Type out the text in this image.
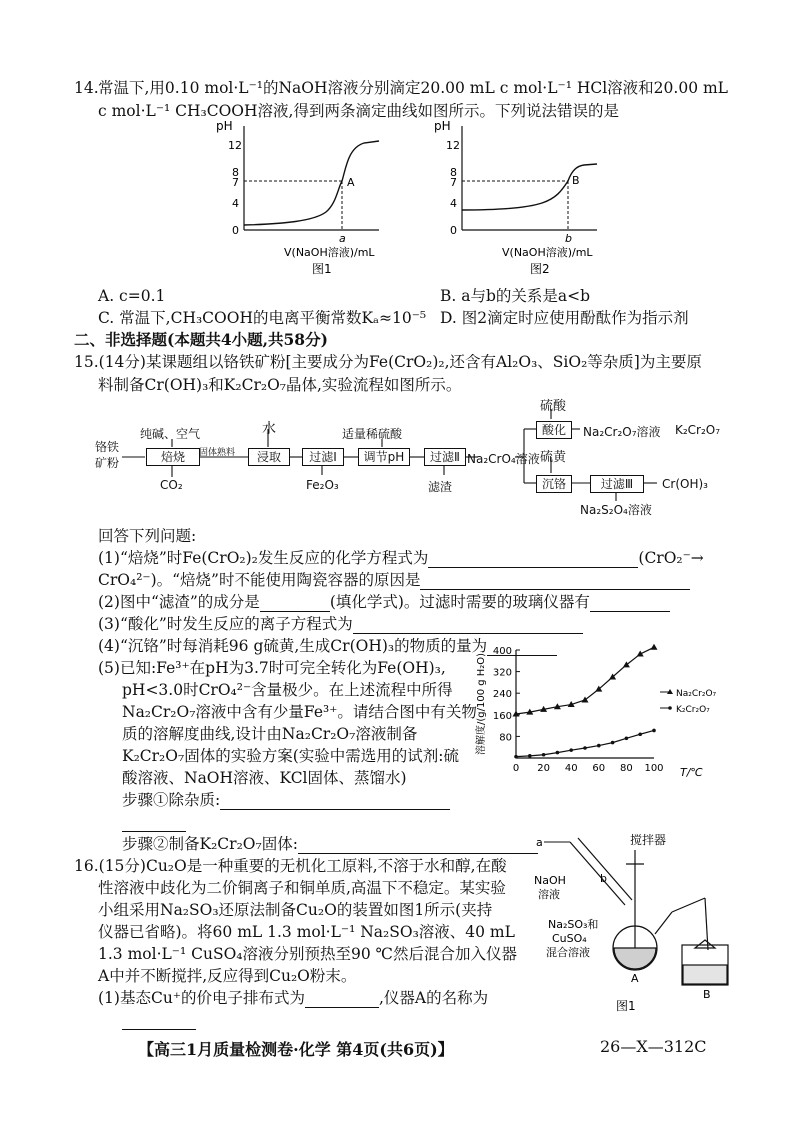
14. 常温下,用0.10 mol·L⁻¹的NaOH溶液分别滴定20.00 mL c mol·L⁻¹ HCl溶液和20.00 mL
c mol·L⁻¹ CH₃COOH溶液,得到两条滴定曲线如图所示。下列说法错误的是
pH
12
8
7
4
0
A
a
V(NaOH溶液)/mL
图1
pH
12
8
7
4
0
B
b
V(NaOH溶液)/mL
图2
A. c=0.1	B. a与b的关系是a<b
C. 常温下,CH₃COOH的电离平衡常数Kₐ≈10⁻⁵ D. 图2滴定时应使用酚酞作为指示剂
二、非选择题(本题共4小题,共58分)
15.(14分)某课题组以铬铁矿粉[主要成分为Fe(CrO₂)₂,还含有Al₂O₃、SiO₂等杂质]为主要原
料制备Cr(OH)₃和K₂Cr₂O₇晶体,实验流程如图所示。
铬铁
矿粉
纯碱、空气
焙烧
CO₂
固体熟料
水
浸取	过滤Ⅰ
Fe₂O₃
适量稀硫酸
调节pH	过滤Ⅱ
滤渣
Na₂CrO₄溶液
硫酸
酸化	Na₂Cr₂O₇溶液 K₂Cr₂O₇
硫黄
沉铬	过滤Ⅲ	Cr(OH)₃
Na₂S₂O₄溶液
回答下列问题:
(1)“焙烧”时Fe(CrO₂)₂发生反应的化学方程式为	(CrO₂⁻→
CrO₄²⁻)。“焙烧”时不能使用陶瓷容器的原因是
(2)图中“滤渣”的成分是	(填化学式)。过滤时需要的玻璃仪器有
(3)“酸化”时发生反应的离子方程式为
(4)“沉铬”时每消耗96 g硫黄,生成Cr(OH)₃的物质的量为
(5)已知:Fe³⁺在pH为3.7时可完全转化为Fe(OH)₃,
pH<3.0时CrO₄²⁻含量极少。在上述流程中所得
Na₂Cr₂O₇溶液中含有少量Fe³⁺。请结合图中有关物
质的溶解度曲线,设计由Na₂Cr₂O₇溶液制备
K₂Cr₂O₇固体的实验方案(实验中需选用的试剂:硫
酸溶液、NaOH溶液、KCl固体、蒸馏水)
步骤①除杂质:
步骤②制备K₂Cr₂O₇固体:
溶解度/(g/100 g H₂O)
T/℃
80
160
240
320
400
0 20 40 60 80 100
Na₂Cr₂O₇
K₂Cr₂O₇
16.(15分)Cu₂O是一种重要的无机化工原料,不溶于水和醇,在酸
性溶液中歧化为二价铜离子和铜单质,高温下不稳定。某实验
小组采用Na₂SO₃还原法制备Cu₂O的装置如图1所示(夹持
仪器已省略)。将60 mL 1.3 mol·L⁻¹ Na₂SO₃溶液、40 mL
1.3 mol·L⁻¹ CuSO₄溶液分别预热至90 ℃然后混合加入仪器
A中并不断搅拌,反应得到Cu₂O粉末。
(1)基态Cu⁺的价电子排布式为	,仪器A的名称为
搅拌器
a
b
NaOH
溶液
Na₂SO₃和
CuSO₄
混合溶液
A
B
图1
【高三1月质量检测卷·化学 第4页(共6页)】	26—X—312C
